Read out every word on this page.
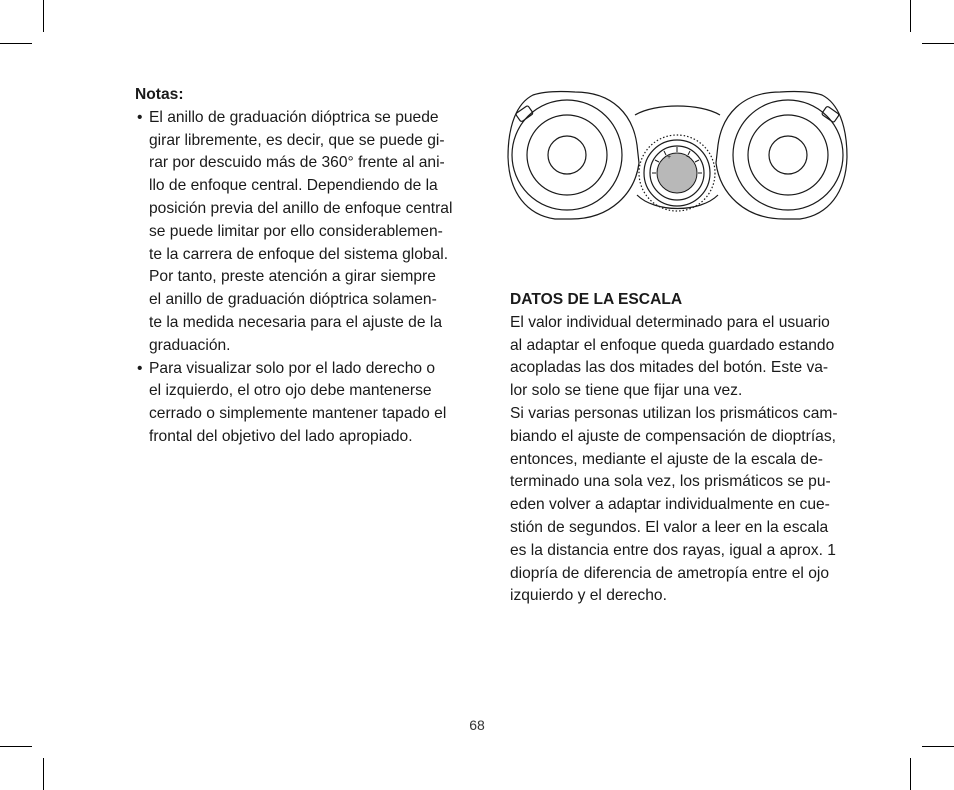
Notas:
• El anillo de graduación dióptrica se puede
girar libremente, es decir, que se puede gi-
rar por descuido más de 360° frente al ani-
llo de enfoque central. Dependiendo de la
posición previa del anillo de enfoque central
se puede limitar por ello considerablemen-
te la carrera de enfoque del sistema global.
Por tanto, preste atención a girar siempre
el anillo de graduación dióptrica solamen-
te la medida necesaria para el ajuste de la
graduación.
• Para visualizar solo por el lado derecho o
el izquierdo, el otro ojo debe mantenerse
cerrado o simplemente mantener tapado el
frontal del objetivo del lado apropiado.
+ −
DATOS DE LA ESCALA
El valor individual determinado para el usuario
al adaptar el enfoque queda guardado estando
acopladas las dos mitades del botón. Este va-
lor solo se tiene que fijar una vez.
Si varias personas utilizan los prismáticos cam-
biando el ajuste de compensación de dioptrías,
entonces, mediante el ajuste de la escala de-
terminado una sola vez, los prismáticos se pu-
eden volver a adaptar individualmente en cue-
stión de segundos. El valor a leer en la escala
es la distancia entre dos rayas, igual a aprox. 1
diopría de diferencia de ametropía entre el ojo
izquierdo y el derecho.
68
